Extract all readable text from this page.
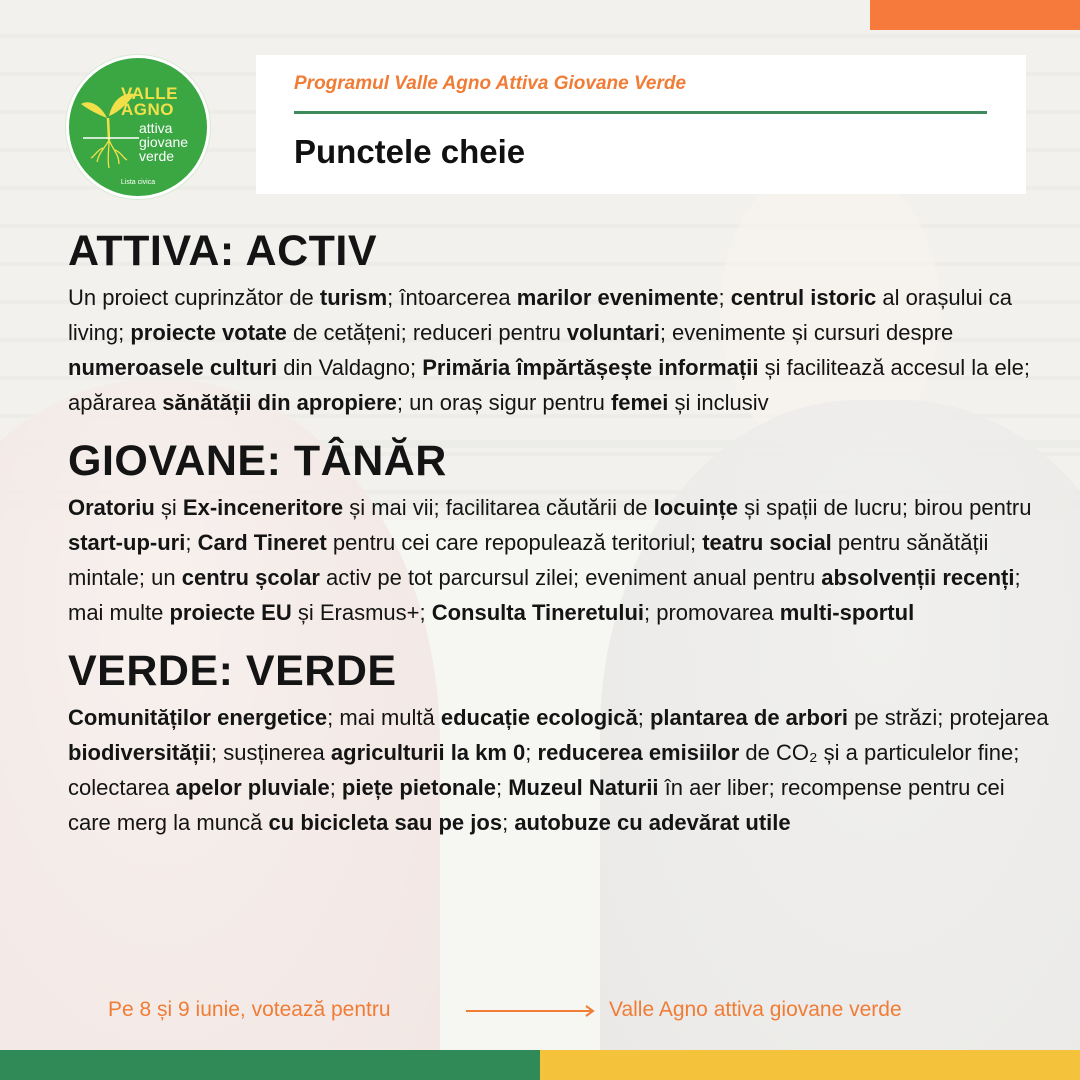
VALLE
AGNO
attiva
giovane
verde
Lista civica
Programul Valle Agno Attiva Giovane Verde
Punctele cheie
ATTIVA: ACTIV

Un proiect cuprinzător de turism; întoarcerea marilor evenimente; centrul istoric al orașului ca living; proiecte votate de cetățeni; reduceri pentru voluntari; evenimente și cursuri despre numeroasele culturi din Valdagno; Primăria împărtășește informații și facilitează accesul la ele; apărarea sănătății din apropiere; un oraș sigur pentru femei și inclusiv

GIOVANE: TÂNĂR

Oratoriu și Ex-inceneritore și mai vii; facilitarea căutării de locuințe și spații de lucru; birou pentru start-up-uri; Card Tineret pentru cei care repopulează teritoriul; teatru social pentru sănătății mintale; un centru școlar activ pe tot parcursul zilei; eveniment anual pentru absolvenții recenți; mai multe proiecte EU și Erasmus+; Consulta Tineretului; promovarea multi-sportul

VERDE: VERDE

Comunităților energetice; mai multă educație ecologică; plantarea de arbori pe străzi; protejarea biodiversității; susținerea agriculturii la km 0; reducerea emisiilor de CO₂ și a particulelor fine; colectarea apelor pluviale; piețe pietonale; Muzeul Naturii în aer liber; recompense pentru cei care merg la muncă cu bicicleta sau pe jos; autobuze cu adevărat utile

Pe 8 și 9 iunie, votează pentru	Valle Agno attiva giovane verde
